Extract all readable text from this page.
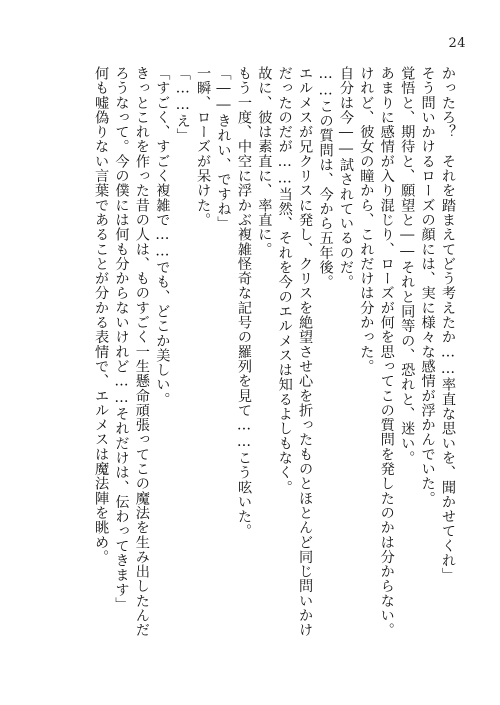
24
かったろ？　それを踏まえてどう考えたか……率直な思いを、聞かせてくれ」
そう問いかけるローズの顔には、実に様々な感情が浮かんでいた。
覚悟と、期待と、願望と――それと同等の、恐れと、迷い。
あまりに感情が入り混じり、ローズが何を思ってこの質問を発したのかは分からない。
けれど、彼女の瞳から、これだけは分かった。
自分は今――試されているのだ。
……この質問は、今から五年後。
エルメスが兄クリスに発し、クリスを絶望させ心を折ったものとほとんど同じ問いかけ
だったのだが……当然、それを今のエルメスは知るよしもなく。
故に、彼は素直に、率直に。
もう一度、中空に浮かぶ複雑怪奇な記号の羅列を見て……こう呟いた。
「――きれい、ですね」
一瞬、ローズが呆けた。
「……え」
「すごく、すごく複雑で……でも、どこか美しい。
きっとこれを作った昔の人は、ものすごく一生懸命頑張ってこの魔法を生み出したんだ
ろうなって。今の僕には何も分からないけれど……それだけは、伝わってきます」
何も嘘偽りない言葉であることが分かる表情で、エルメスは魔法陣を眺め。
